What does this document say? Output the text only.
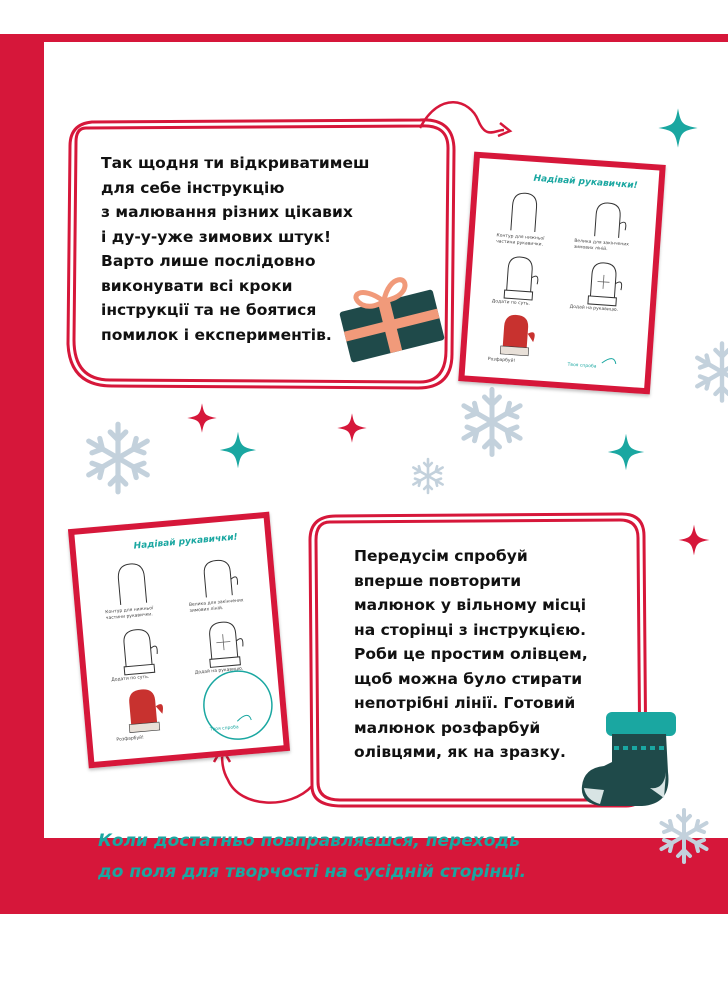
Так щодня ти відкриватимеш
для себе інструкцію
з малювання різних цікавих
і ду-у-уже зимових штук!
Варто лише послідовно
виконувати всі кроки
інструкції та не боятися
помилок і експериментів.
Передусім спробуй
вперше повторити
малюнок у вільному місці
на сторінці з інструкцією.
Роби це простим олівцем,
щоб можна було стирати
непотрібні лінії. Готовий
малюнок розфарбуй
олівцями, як на зразку.
Коли достатньо повправляєшся, переходь
до поля для творчості на сусідній сторінці.
Надівай рукавички!
Контур для нижньої частини рукавички.	Велика для закінчених зимових ліній.
Додати по суть.
Додай на рукавицю.
Розфарбуй!
Твоя спроба
Надівай рукавички!
Контур для нижньої частини рукавички.
Велика для закінчених зимових ліній.
Додати по суть.
Додай на рукавицю.
Розфарбуй!
Твоя спроба
